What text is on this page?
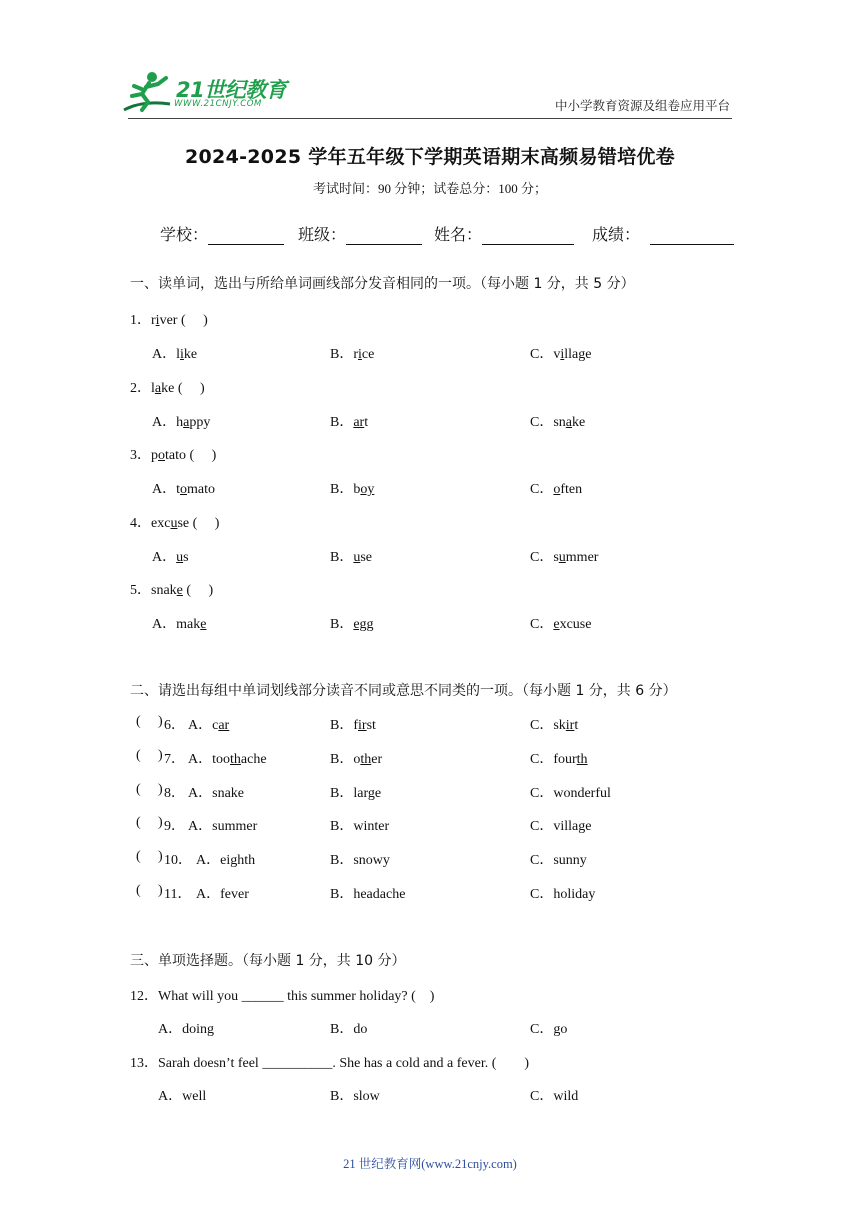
21世纪教育
WWW.21CNJY.COM	中小学教育资源及组卷应用平台
2024-2025 学年五年级下学期英语期末高频易错培优卷
考试时间：90 分钟；试卷总分：100 分；
学校：	班级：	姓名：	成绩：
一、读单词，选出与所给单词画线部分发音相同的一项。（每小题 1 分，共 5 分）
1．river (     )
A．like	B．rice	C．village
2．lake (     )
A．happy	B．art	C．snake
3．potato (     )
A．tomato	B．boy	C．often
4．excuse (     )
A．us	B．use	C．summer
5．snake (     )
A．make	B．egg	C．excuse
二、请选出每组中单词划线部分读音不同或意思不同类的一项。（每小题 1 分，共 6 分）
( ) 6． A．car	B．first	C．skirt
( ) 7． A．toothache	B．other	C．fourth
( ) 8． A．snake	B．large	C．wonderful
( ) 9． A．summer	B．winter	C．village
( ) 10． A．eighth	B．snowy	C．sunny
( ) 11． A．fever	B．headache	C．holiday
三、单项选择题。（每小题 1 分，共 10 分）
12．What will you ______ this summer holiday? (    )
A．doing	B．do	C．go
13．Sarah doesn’t feel __________. She has a cold and a fever. (        )
A．well	B．slow	C．wild
21 世纪教育网(www.21cnjy.com)
